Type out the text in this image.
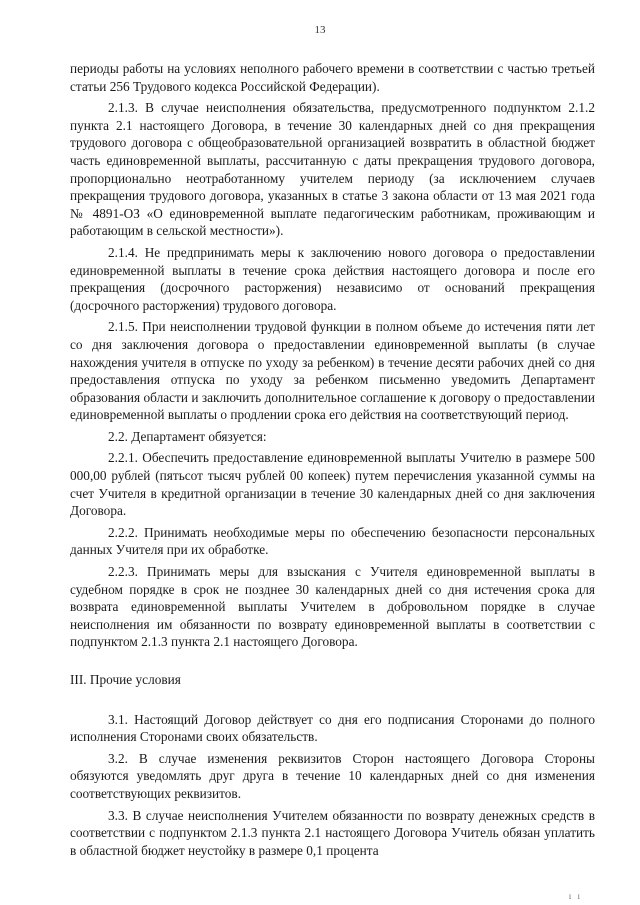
13

периоды работы на условиях неполного рабочего времени в соответствии с частью третьей статьи 256 Трудового кодекса Российской Федерации).

2.1.3. В случае неисполнения обязательства, предусмотренного подпунктом 2.1.2 пункта 2.1 настоящего Договора, в течение 30 календарных дней со дня прекращения трудового договора с общеобразовательной организацией возвратить в областной бюджет часть единовременной выплаты, рассчитанную с даты прекращения трудового договора, пропорционально неотработанному учителем периоду (за исключением случаев прекращения трудового договора, указанных в статье 3 закона области от 13 мая 2021 года № 4891-ОЗ «О единовременной выплате педагогическим работникам, проживающим и работающим в сельской местности»).

2.1.4. Не предпринимать меры к заключению нового договора о предоставлении единовременной выплаты в течение срока действия настоящего договора и после его прекращения (досрочного расторжения) независимо от оснований прекращения (досрочного расторжения) трудового договора.

2.1.5. При неисполнении трудовой функции в полном объеме до истечения пяти лет со дня заключения договора о предоставлении единовременной выплаты (в случае нахождения учителя в отпуске по уходу за ребенком) в течение десяти рабочих дней со дня предоставления отпуска по уходу за ребенком письменно уведомить Департамент образования области и заключить дополнительное соглашение к договору о предоставлении единовременной выплаты о продлении срока его действия на соответствующий период.

2.2. Департамент обязуется:

2.2.1. Обеспечить предоставление единовременной выплаты Учителю в размере 500 000,00 рублей (пятьсот тысяч рублей 00 копеек) путем перечисления указанной суммы на счет Учителя в кредитной организации в течение 30 календарных дней со дня заключения Договора.

2.2.2. Принимать необходимые меры по обеспечению безопасности персональных данных Учителя при их обработке.

2.2.3. Принимать меры для взыскания с Учителя единовременной выплаты в судебном порядке в срок не позднее 30 календарных дней со дня истечения срока для возврата единовременной выплаты Учителем в добровольном порядке в случае неисполнения им обязанности по возврату единовременной выплаты в соответствии с подпунктом 2.1.3 пункта 2.1 настоящего Договора.

III. Прочие условия

3.1. Настоящий Договор действует со дня его подписания Сторонами до полного исполнения Сторонами своих обязательств.

3.2. В случае изменения реквизитов Сторон настоящего Договора Стороны обязуются уведомлять друг друга в течение 10 календарных дней со дня изменения соответствующих реквизитов.

3.3. В случае неисполнения Учителем обязанности по возврату денежных средств в соответствии с подпунктом 2.1.3 пункта 2.1 настоящего Договора Учитель обязан уплатить в областной бюджет неустойку в размере 0,1 процента

ı ı
